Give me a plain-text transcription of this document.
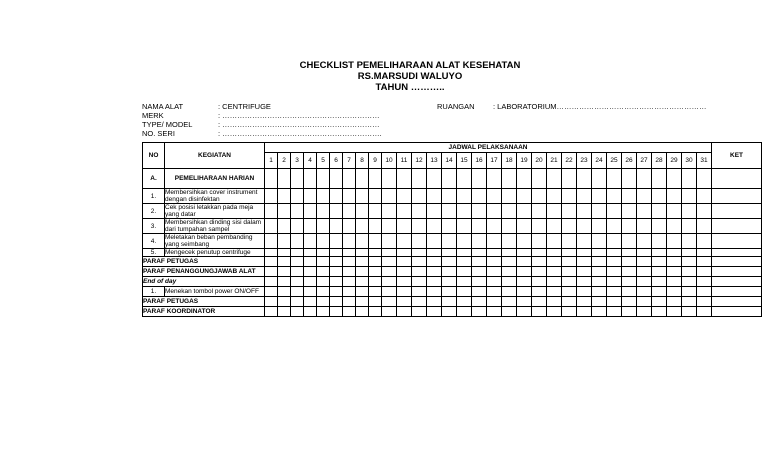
CHECKLIST PEMELIHARAAN ALAT KESEHATAN
RS.MARSUDI WALUYO
TAHUN ………..
NAMA ALAT	: CENTRIFUGE
MERK	: ………………………………………………………
TYPE/ MODEL	: ………………………………………………………
NO. SERI	: ……………………………………………………….
RUANGAN : LABORATORIUM……………………………………………………
NO	KEGIATAN	JADWAL PELAKSANAAN																															KET
		1	2	3	4	5	6	7	8	9	10	11	12	13	14	15	16	17	18	19	20	21	22	23	24	25	26	27	28	29	30	31	
A.	PEMELIHARAAN HARIAN																																
1.	Membersihkan cover instrument dengan disinfektan																																
2.	Cek posisi letakkan pada meja yang datar																																
3.	Membersihkan dinding sisi dalam dari tumpahan sampel																																
4.	Meletakan beban pembanding yang seimbang																																
5.	Mengecek penutup centrifuge																																
PARAF PETUGAS																																	
PARAF PENANGGUNGJAWAB ALAT																																	
End of day																																	
1.	Menekan tombol power ON/OFF																																
PARAF PETUGAS																																	
PARAF KOORDINATOR																																	
